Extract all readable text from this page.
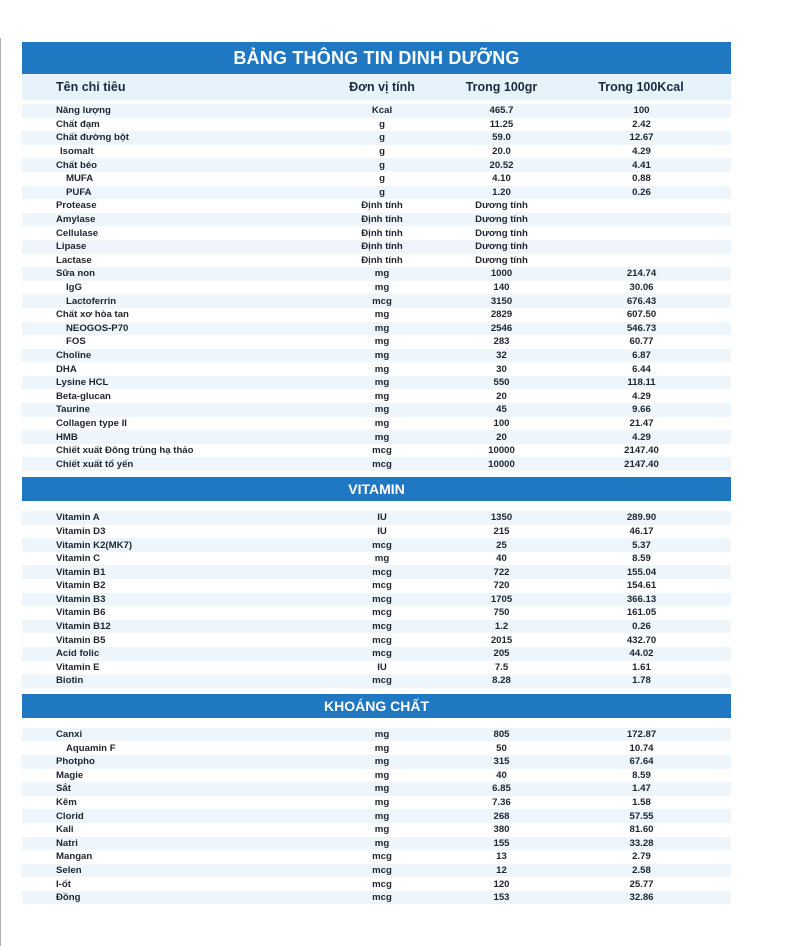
BẢNG THÔNG TIN DINH DƯỠNG
Tên chỉ tiêu	Đơn vị tính	Trong 100gr	Trong 100Kcal
Năng lượng	Kcal	465.7	100
Chất đạm	g	11.25	2.42
Chất đường bột	g	59.0	12.67
Isomalt	g	20.0	4.29
Chất béo	g	20.52	4.41
MUFA	g	4.10	0.88
PUFA	g	1.20	0.26
Protease	Định tính	Dương tính
Amylase	Định tính	Dương tính
Cellulase	Định tính	Dương tính
Lipase	Định tính	Dương tính
Lactase	Định tính	Dương tính
Sữa non	mg	1000	214.74
IgG	mg	140	30.06
Lactoferrin	mcg	3150	676.43
Chất xơ hòa tan	mg	2829	607.50
NEOGOS-P70	mg	2546	546.73
FOS	mg	283	60.77
Choline	mg	32	6.87
DHA	mg	30	6.44
Lysine HCL	mg	550	118.11
Beta-glucan	mg	20	4.29
Taurine	mg	45	9.66
Collagen type II	mg	100	21.47
HMB	mg	20	4.29
Chiết xuất Đông trùng hạ thảo	mcg	10000	2147.40
Chiết xuất tổ yến	mcg	10000	2147.40
VITAMIN
Vitamin A	IU	1350	289.90
Vitamin D3	IU	215	46.17
Vitamin K2(MK7)	mcg	25	5.37
Vitamin C	mg	40	8.59
Vitamin B1	mcg	722	155.04
Vitamin B2	mcg	720	154.61
Vitamin B3	mcg	1705	366.13
Vitamin B6	mcg	750	161.05
Vitamin B12	mcg	1.2	0.26
Vitamin B5	mcg	2015	432.70
Acid folic	mcg	205	44.02
Vitamin E	IU	7.5	1.61
Biotin	mcg	8.28	1.78
KHOÁNG CHẤT
Canxi	mg	805	172.87
Aquamin F	mg	50	10.74
Photpho	mg	315	67.64
Magie	mg	40	8.59
Sắt	mg	6.85	1.47
Kẽm	mg	7.36	1.58
Clorid	mg	268	57.55
Kali	mg	380	81.60
Natri	mg	155	33.28
Mangan	mcg	13	2.79
Selen	mcg	12	2.58
I-ốt	mcg	120	25.77
Đồng	mcg	153	32.86
